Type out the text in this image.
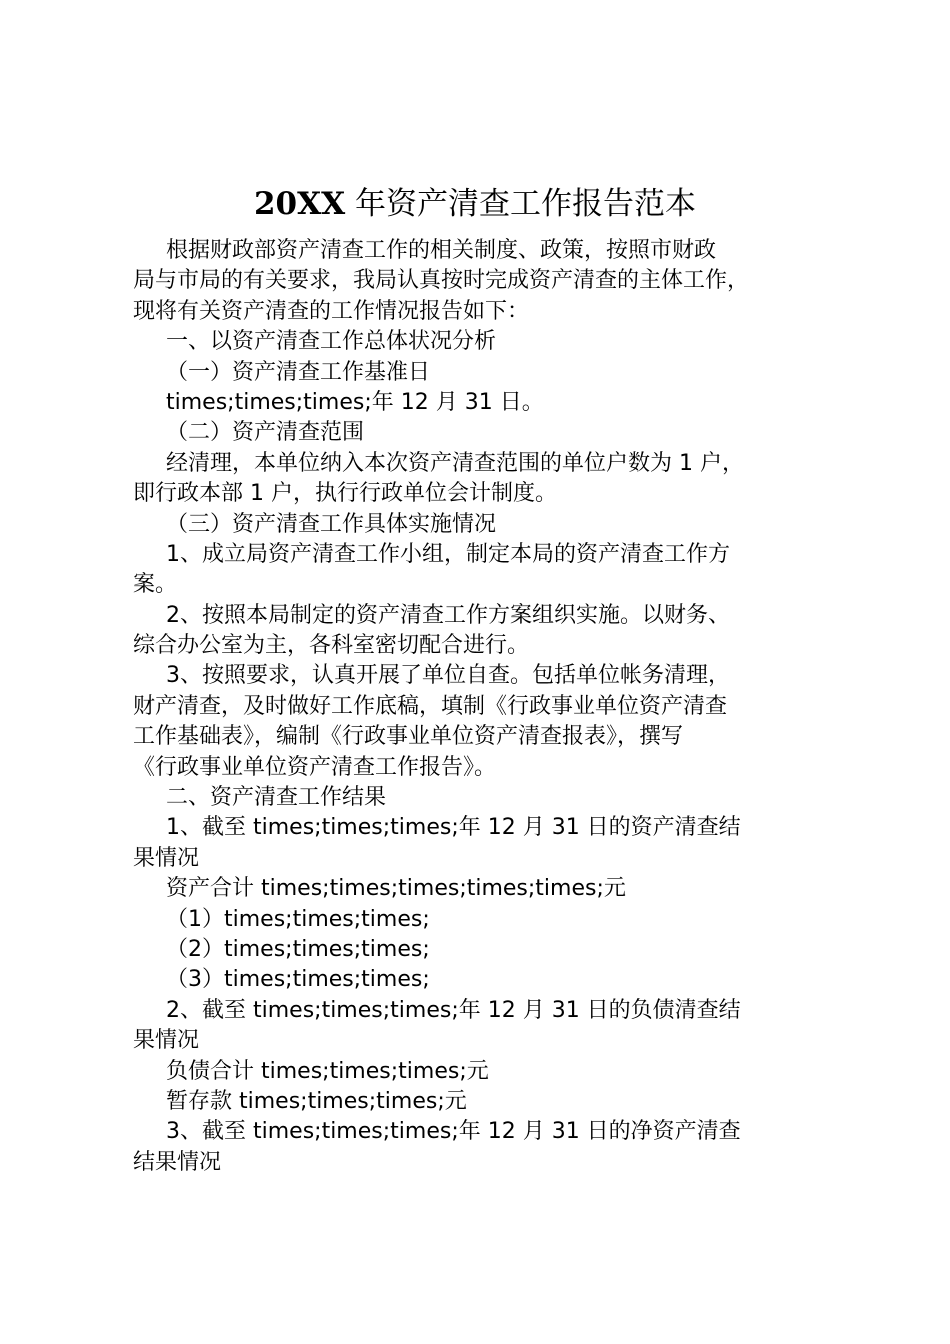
20XX 年资产清查工作报告范本
根据财政部资产清查工作的相关制度、政策，按照市财政
局与市局的有关要求，我局认真按时完成资产清查的主体工作，
现将有关资产清查的工作情况报告如下：
一、以资产清查工作总体状况分析
（一）资产清查工作基准日
times;times;times;年 12 月 31 日。
（二）资产清查范围
经清理，本单位纳入本次资产清查范围的单位户数为 1 户，
即行政本部 1 户，执行行政单位会计制度。
（三）资产清查工作具体实施情况
1、成立局资产清查工作小组，制定本局的资产清查工作方
案。
2、按照本局制定的资产清查工作方案组织实施。以财务、
综合办公室为主，各科室密切配合进行。
3、按照要求，认真开展了单位自查。包括单位帐务清理，
财产清查，及时做好工作底稿，填制《行政事业单位资产清查
工作基础表》，编制《行政事业单位资产清查报表》，撰写
《行政事业单位资产清查工作报告》。
二、资产清查工作结果
1、截至 times;times;times;年 12 月 31 日的资产清查结
果情况
资产合计 times;times;times;times;times;元
（1）times;times;times;
（2）times;times;times;
（3）times;times;times;
2、截至 times;times;times;年 12 月 31 日的负债清查结
果情况
负债合计 times;times;times;元
暂存款 times;times;times;元
3、截至 times;times;times;年 12 月 31 日的净资产清查
结果情况
